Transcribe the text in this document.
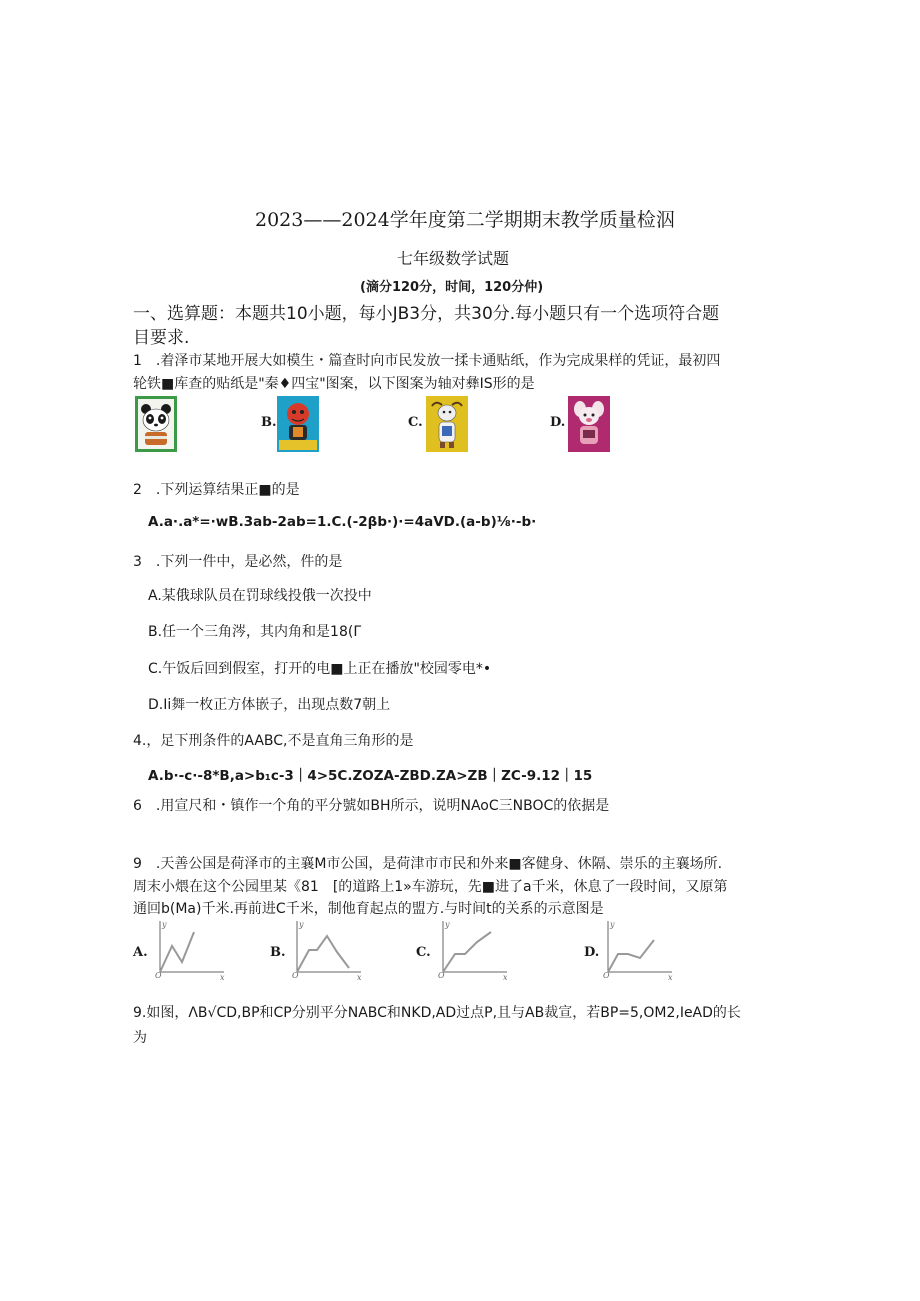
2023——2024学年度第二学期期末教学质量检泅
七年级数学试题
(滴分120分，时间，120分仲)
一、选算题：本题共10小题，每小JB3分，共30分.每小题只有一个选项符合题
目要求.
1　.着泽市某地开展大如模生・篇查时向市民发放一揉卡通贴纸，作为完成果样的凭证，最初四
轮铁■库查的贴纸是"秦♦四宝"图案，以下图案为轴对彝IS形的是
B.	C.	D.
2　.下列运算结果正■的是
A.a·.a*=·wB.3ab-2ab=1.C.(-2βb·)·=4aVD.(a-b)⅛·-b·
3　.下列一件中，是必然，件的是
A.某俄球队员在罚球线投俄一次投中
B.任一个三角涔，其内角和是18(Γ
C.午饭后回到假室，打开的电■上正在播放"校园零电*•
D.Ii舞一枚正方体嵌子，出现点数7朝上
4.，足下刑条件的AABC,不是直角三角形的是
A.b·-c·-8*B,a>b₁c-3｜4>5C.ZOZA-ZBD.ZA>ZB｜ZC-9.12｜15
6　.用宣尺和・镇作一个角的平分號如BH所示，说明NAoC三NBOC的依据是
9　.天善公国是荷泽市的主襄M市公国，是荷津市市民和外来■客健身、休隔、崇乐的主襄场所.
周末小煨在这个公园里某《81　[的道路上1»车游玩，先■进了a千米，休息了一段时间，又原第
通回b(Ma)千米.再前进C千米，制他育起点的盟方.与时间t的关系的示意图是
A.
O
y
x
B.
O
y
x
C.
O
y
x
D.
O
y
x
9.如图，ΛB√CD,BP和CP分别平分NABC和NKD,AD过点P,且与AB裁宣，若BP=5,OM2,IeAD的长
为
